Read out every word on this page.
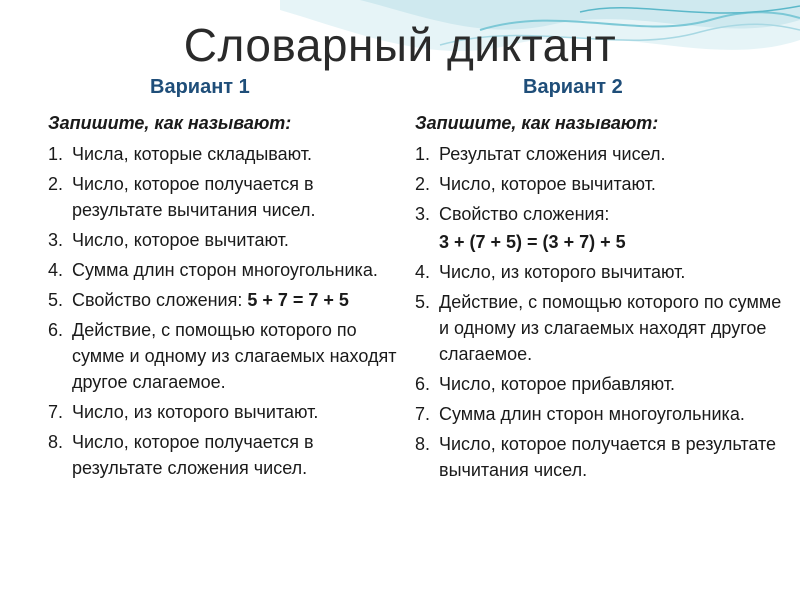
Словарный диктант
Вариант 1	Вариант 2
Запишите, как называют:
1. Числа, которые складывают.
2. Число, которое получается в результате вычитания чисел.
3. Число, которое вычитают.
4. Сумма длин сторон многоугольника.
5. Свойство сложения: 5 + 7 = 7 + 5
6. Действие, с помощью которого по сумме и одному из слагаемых находят другое слагаемое.
7. Число, из которого вычитают.
8. Число, которое получается в результате сложения чисел.
Запишите, как называют:
1. Результат сложения чисел.
2. Число, которое вычитают.
3. Свойство сложения:
3 + (7 + 5) = (3 + 7) + 5
4. Число, из которого вычитают.
5. Действие, с помощью которого по сумме и одному из слагаемых находят другое слагаемое.
6. Число, которое прибавляют.
7. Сумма длин сторон многоугольника.
8. Число, которое получается в результате вычитания чисел.
